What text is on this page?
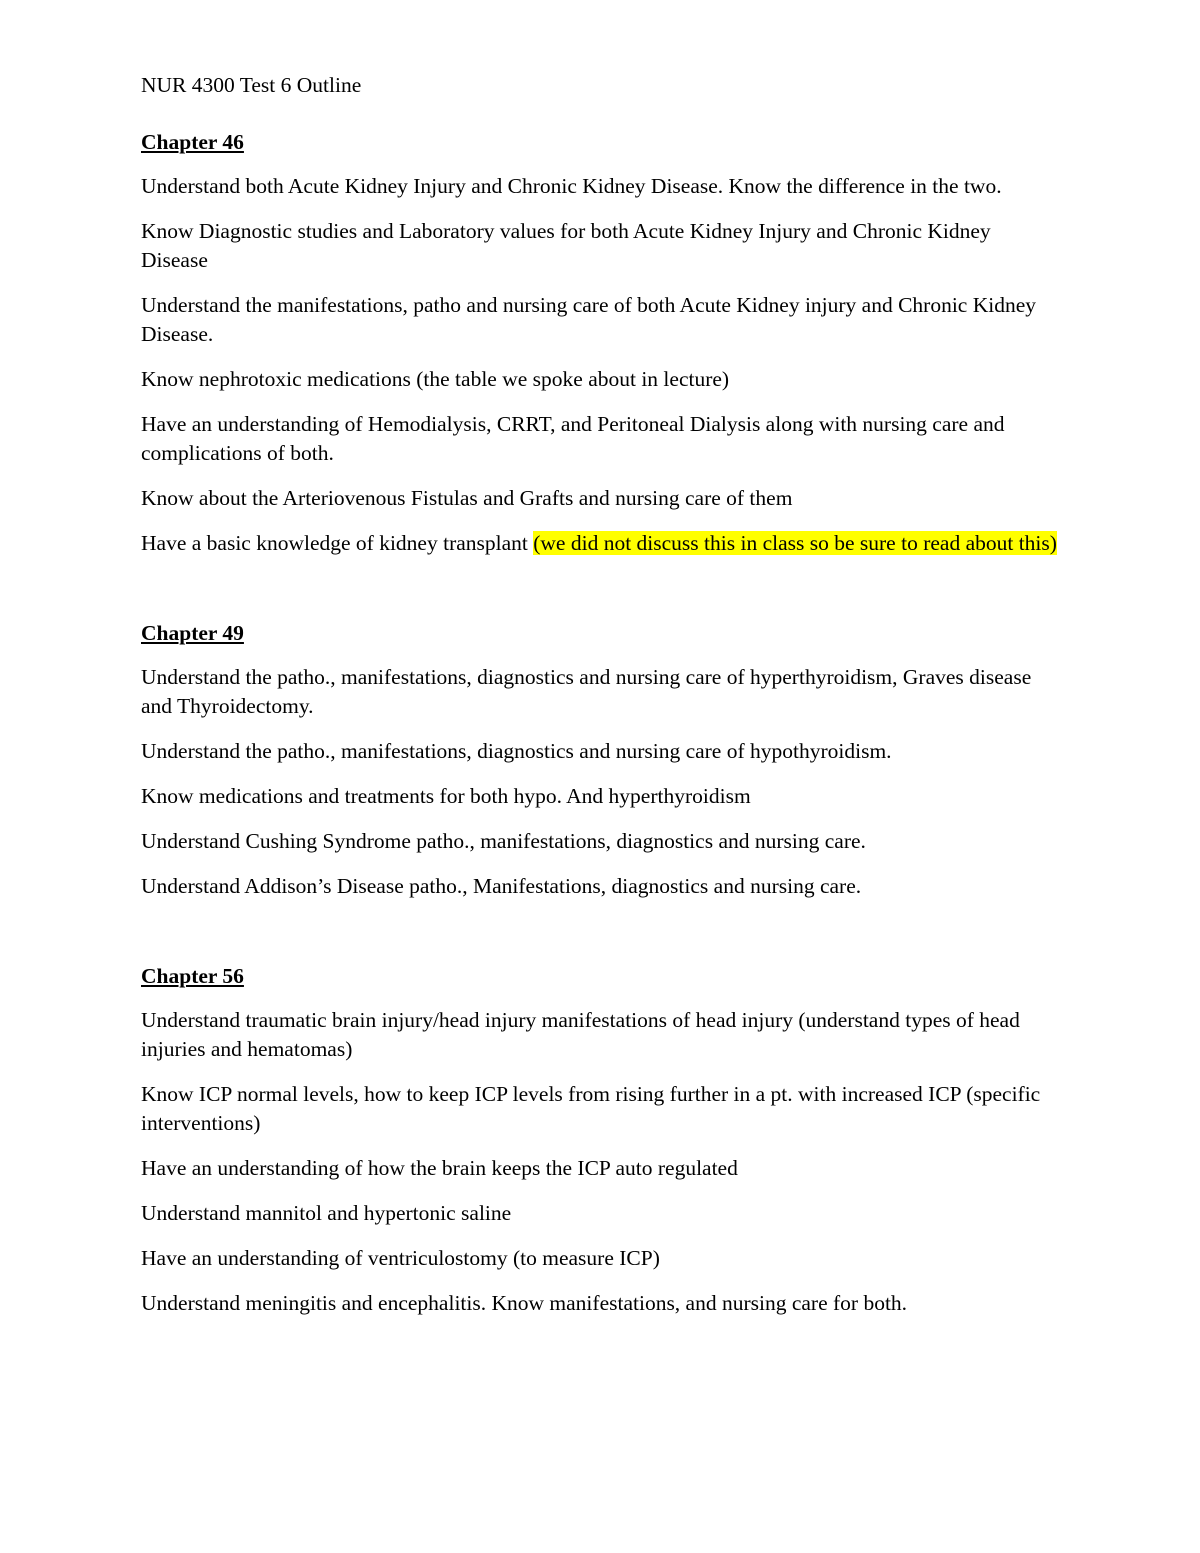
NUR 4300 Test 6 Outline

Chapter 46

Understand both Acute Kidney Injury and Chronic Kidney Disease. Know the difference in the two.

Know Diagnostic studies and Laboratory values for both Acute Kidney Injury and Chronic Kidney Disease

Understand the manifestations, patho and nursing care of both Acute Kidney injury and Chronic Kidney Disease.

Know nephrotoxic medications (the table we spoke about in lecture)

Have an understanding of Hemodialysis, CRRT, and Peritoneal Dialysis along with nursing care and complications of both.

Know about the Arteriovenous Fistulas and Grafts and nursing care of them

Have a basic knowledge of kidney transplant (we did not discuss this in class so be sure to read about this)

Chapter 49

Understand the patho., manifestations, diagnostics and nursing care of hyperthyroidism, Graves disease and Thyroidectomy.

Understand the patho., manifestations, diagnostics and nursing care of hypothyroidism.

Know medications and treatments for both hypo. And hyperthyroidism

Understand Cushing Syndrome patho., manifestations, diagnostics and nursing care.

Understand Addison’s Disease patho., Manifestations, diagnostics and nursing care.

Chapter 56

Understand traumatic brain injury/head injury manifestations of head injury (understand types of head injuries and hematomas)

Know ICP normal levels, how to keep ICP levels from rising further in a pt. with increased ICP (specific interventions)

Have an understanding of how the brain keeps the ICP auto regulated

Understand mannitol and hypertonic saline

Have an understanding of ventriculostomy (to measure ICP)

Understand meningitis and encephalitis. Know manifestations, and nursing care for both.
